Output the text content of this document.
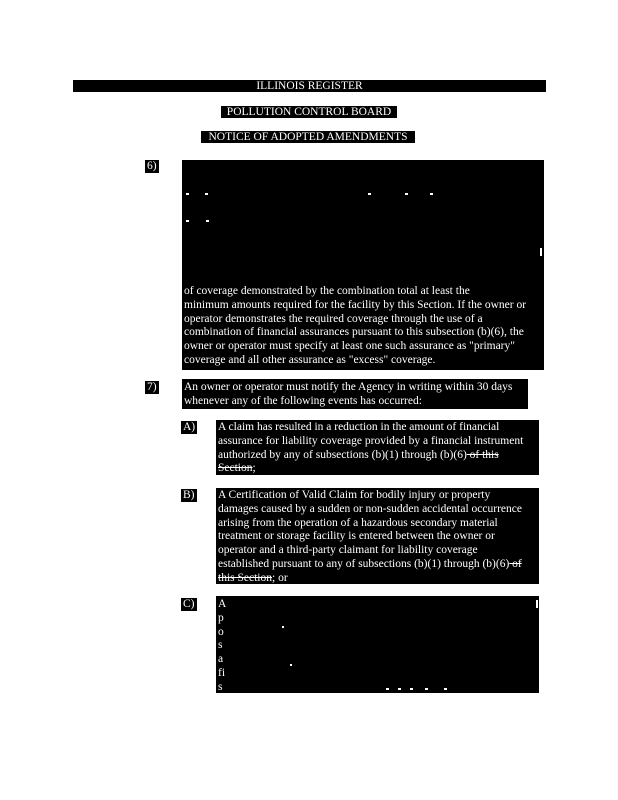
ILLINOIS REGISTER
POLLUTION CONTROL BOARD
NOTICE OF ADOPTED AMENDMENTS
6)
of coverage demonstrated by the combination total at least the
minimum amounts required for the facility by this Section. If the owner or
operator demonstrates the required coverage through the use of a
combination of financial assurances pursuant to this subsection (b)(6), the
owner or operator must specify at least one such assurance as "primary"
coverage and all other assurance as "excess" coverage.
7) An owner or operator must notify the Agency in writing within 30 days
whenever any of the following events has occurred:
A) A claim has resulted in a reduction in the amount of financial
assurance for liability coverage provided by a financial instrument
authorized by any of subsections (b)(1) through (b)(6) of this
Section;
B) A Certification of Valid Claim for bodily injury or property
damages caused by a sudden or non-sudden accidental occurrence
arising from the operation of a hazardous secondary material
treatment or storage facility is entered between the owner or
operator and a third-party claimant for liability coverage
established pursuant to any of subsections (b)(1) through (b)(6) of
this Section; or
C) A
p
o
s
a
fi
s
